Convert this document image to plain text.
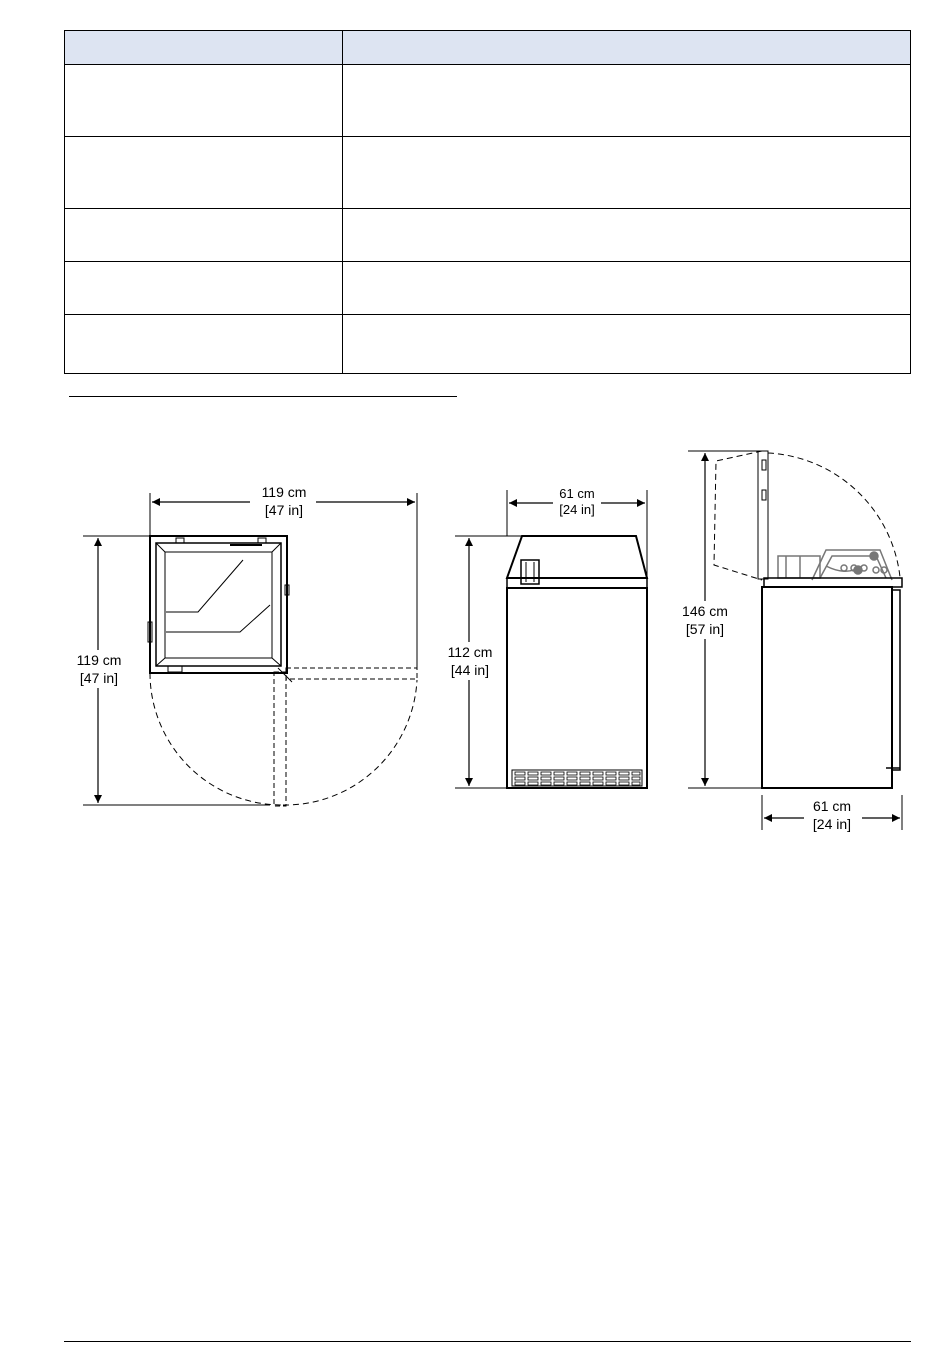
119 cm
[47 in]
119 cm
[47 in]
61 cm
[24 in]
112 cm
[44 in]
146 cm
[57 in]
61 cm
[24 in]
